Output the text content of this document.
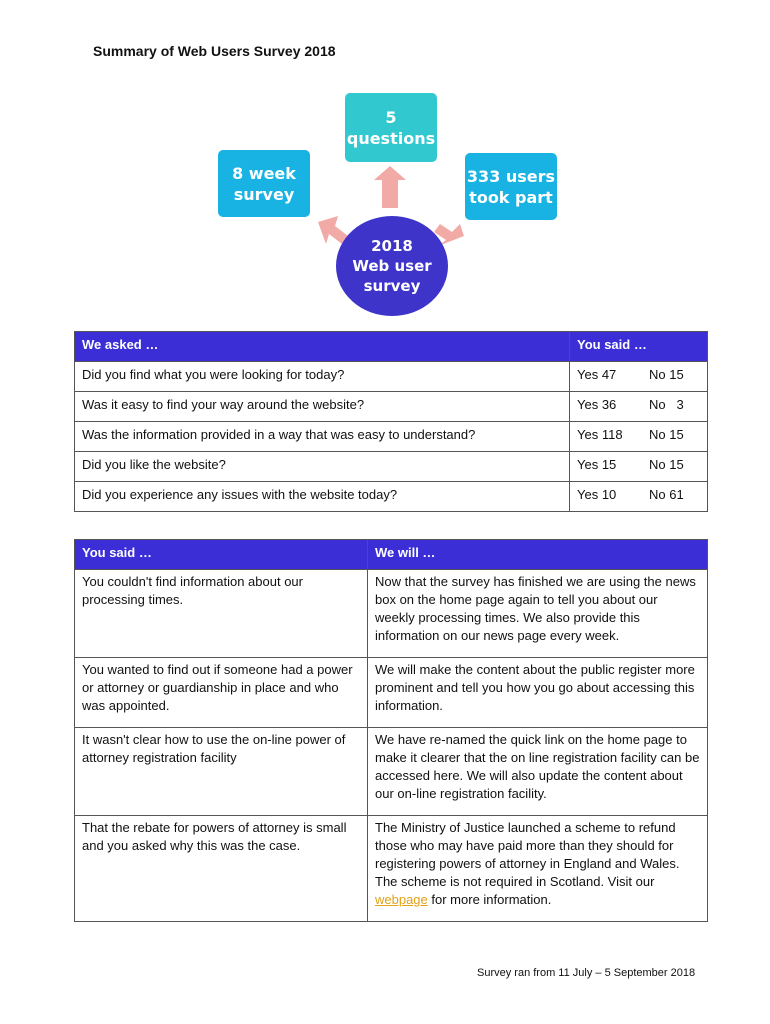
Summary of Web Users Survey 2018
5
questions
8 week
survey
333 users
took part
2018
Web user
survey
We asked …	You said …
Did you find what you were looking for today?	Yes 47 No 15
Was it easy to find your way around the website?	Yes 36 No   3
Was the information provided in a way that was easy to understand?	Yes 118 No 15
Did you like the website?	Yes 15 No 15
Did you experience any issues with the website today?	Yes 10 No 61
You said …	We will …
You couldn't find information about our processing times.	Now that the survey has finished we are using the news box on the home page again to tell you about our weekly processing times. We also provide this information on our news page every week.
You wanted to find out if someone had a power or attorney or guardianship in place and who was appointed.	We will make the content about the public register more prominent and tell you how you go about accessing this information.
It wasn't clear how to use the on-line power of attorney registration facility	We have re-named the quick link on the home page to make it clearer that the on line registration facility can be accessed here. We will also update the content about our on-line registration facility.
That the rebate for powers of attorney is small and you asked why this was the case.	The Ministry of Justice launched a scheme to refund those who may have paid more than they should for registering powers of attorney in England and Wales. The scheme is not required in Scotland. Visit our webpage for more information.
Survey ran from 11 July – 5 September 2018
